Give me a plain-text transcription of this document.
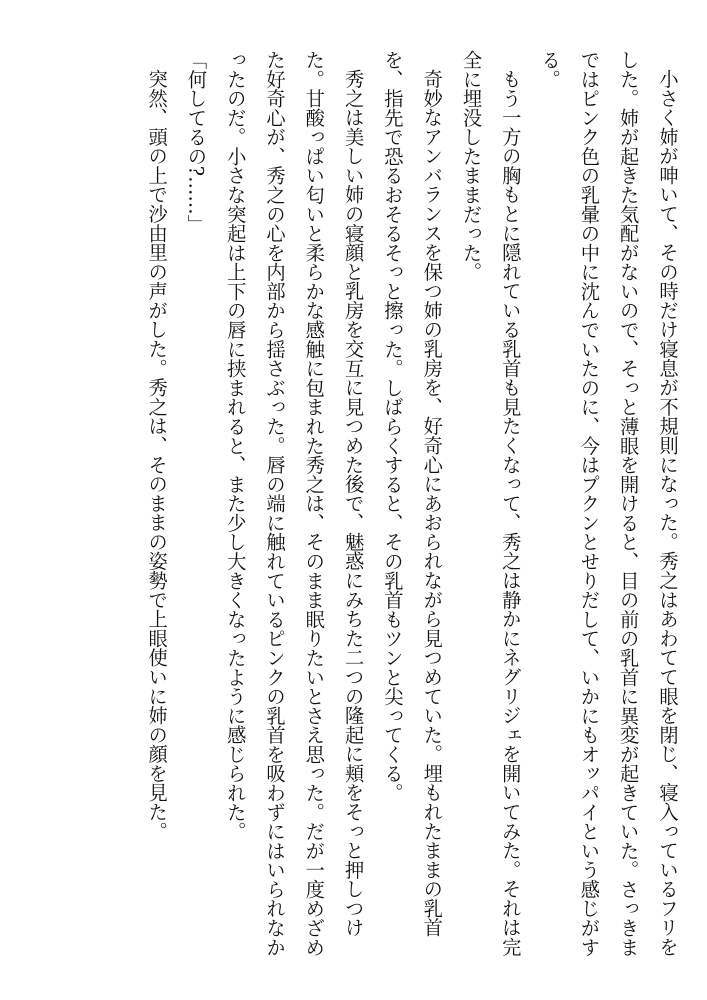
小さく姉が呻いて、その時だけ寝息が不規則になった。秀之はあわてて眼を閉じ、寝入っているフリをした。姉が起きた気配がないので、そっと薄眼を開けると、目の前の乳首に異変が起きていた。さっきまではピンク色の乳暈の中に沈んでいたのに、今はプクンとせりだして、いかにもオッパイという感じがする。

もう一方の胸もとに隠れている乳首も見たくなって、秀之は静かにネグリジェを開いてみた。それは完全に埋没したままだった。

奇妙なアンバランスを保つ姉の乳房を、好奇心にあおられながら見つめていた。埋もれたままの乳首を、指先で恐るおそるそっと擦った。しばらくすると、その乳首もツンと尖ってくる。

秀之は美しい姉の寝顔と乳房を交互に見つめた後で、魅惑にみちた二つの隆起に頬をそっと押しつけた。甘酸っぱい匂いと柔らかな感触に包まれた秀之は、そのまま眠りたいとさえ思った。だが一度めざめた好奇心が、秀之の心を内部から揺さぶった。唇の端に触れているピンクの乳首を吸わずにはいられなかったのだ。小さな突起は上下の唇に挟まれると、また少し大きくなったように感じられた。

「何してるの?……」

突然、頭の上で沙由里の声がした。秀之は、そのままの姿勢で上眼使いに姉の顔を見た。
